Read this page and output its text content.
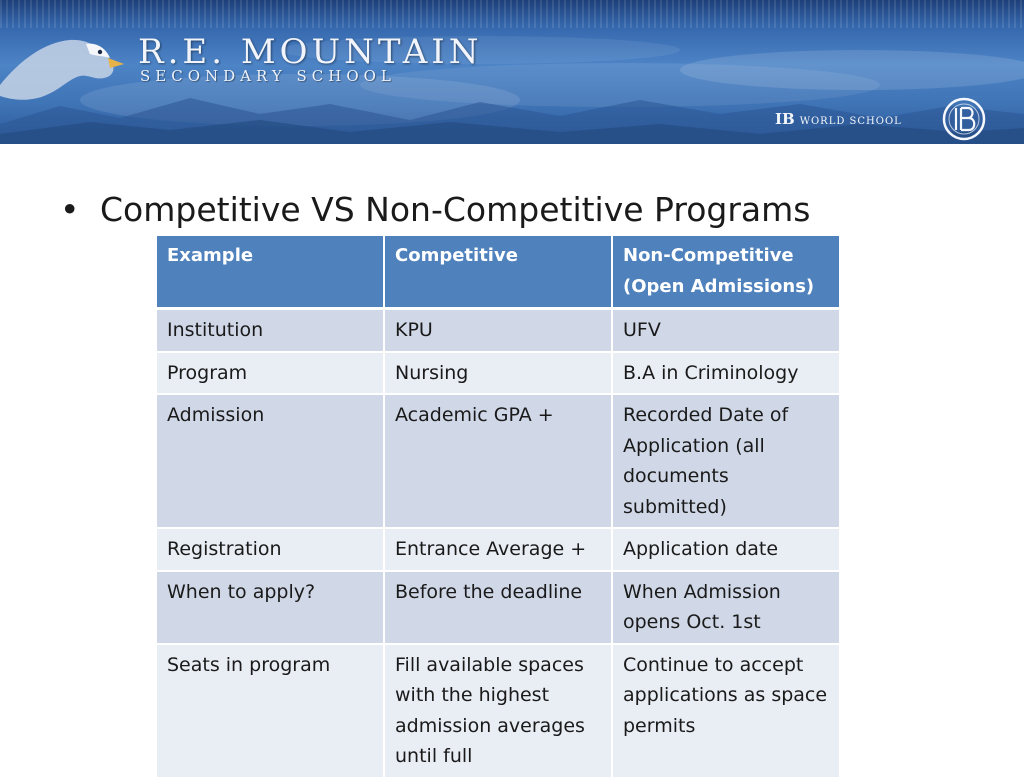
R.E. MOUNTAIN

SECONDARY SCHOOL

IB WORLD SCHOOL
• Competitive VS Non-Competitive Programs
Example	Competitive	Non-Competitive (Open Admissions)
Institution	KPU	UFV
Program	Nursing	B.A in Criminology
Admission	Academic GPA +	Recorded Date of Application (all documents submitted)
Registration	Entrance Average +	Application date
When to apply?	Before the deadline	When Admission opens Oct. 1st
Seats in program	Fill available spaces with the highest admission averages until full	Continue to accept applications as space permits
